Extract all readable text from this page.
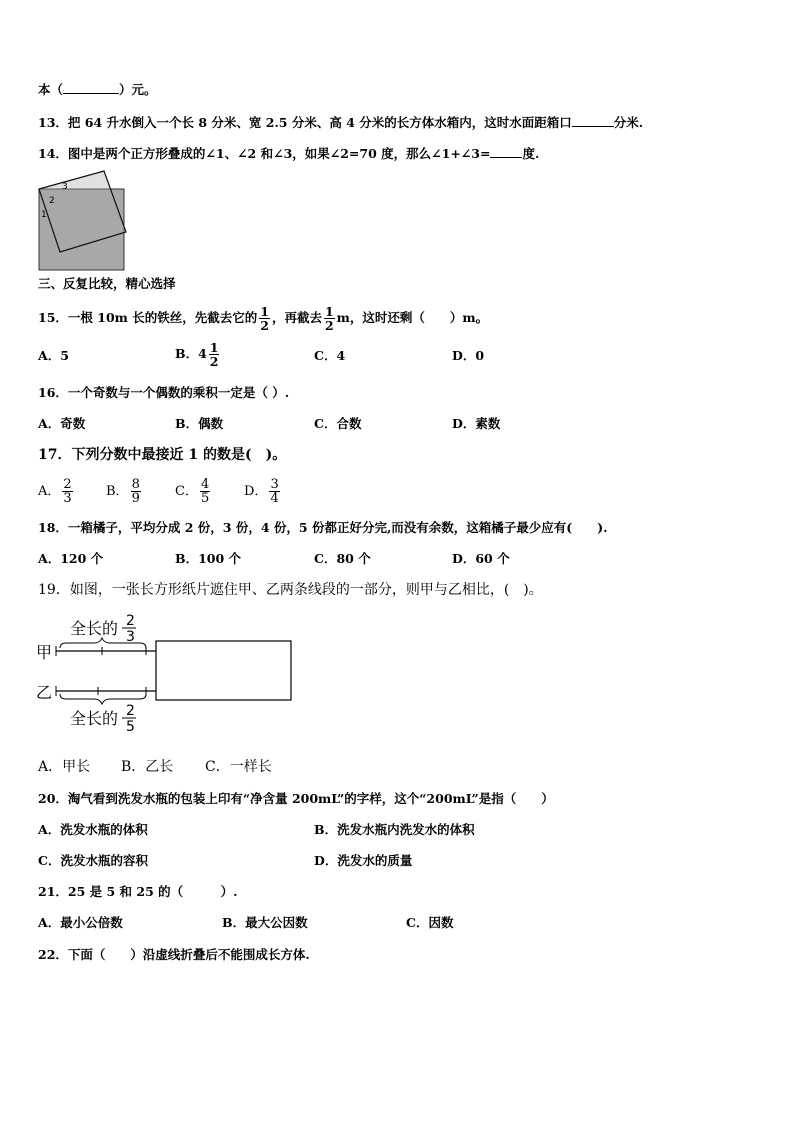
本（	）元。
13．把 64 升水倒入一个长 8 分米、宽 2.5 分米、高 4 分米的长方体水箱内，这时水面距箱口	分米.
14．图中是两个正方形叠成的∠1、∠2 和∠3，如果∠2=70 度，那么∠1+∠3=	度.
3
2
1
三、反复比较，精心选择
15．一根 10m 长的铁丝，先截去它的 $\frac{1}{2}$ ，再截去 $\frac{1}{2}$ m，这时还剩（　　）m。
A．5	B．$4 \frac{1}{2}$	C．4	D．0
16．一个奇数与一个偶数的乘积一定是（ ）.
A．奇数	B．偶数	C．合数	D．素数
17．下列分数中最接近 1 的数是(　)。
A． $\frac{2}{3}$	B． $\frac{8}{9}$	C． $\frac{4}{5}$	D． $\frac{3}{4}$
18．一箱橘子，平均分成 2 份，3 份，4 份，5 份都正好分完,而没有余数，这箱橘子最少应有(　　).
A．120 个	B．100 个	C．80 个	D．60 个
19．如图，一张长方形纸片遮住甲、乙两条线段的一部分，则甲与乙相比，(　)。
全长的 2
3
甲
乙
全长的 2
5
A．甲长 B．乙长 C．一样长
20．淘气看到洗发水瓶的包装上印有“净含量 200mL”的字样，这个“200mL”是指（　　）
A．洗发水瓶的体积	B．洗发水瓶内洗发水的体积
C．洗发水瓶的容积	D．洗发水的质量
21．25 是 5 和 25 的（　　　）.
A．最小公倍数	B．最大公因数	C．因数
22．下面（　　）沿虚线折叠后不能围成长方体.
